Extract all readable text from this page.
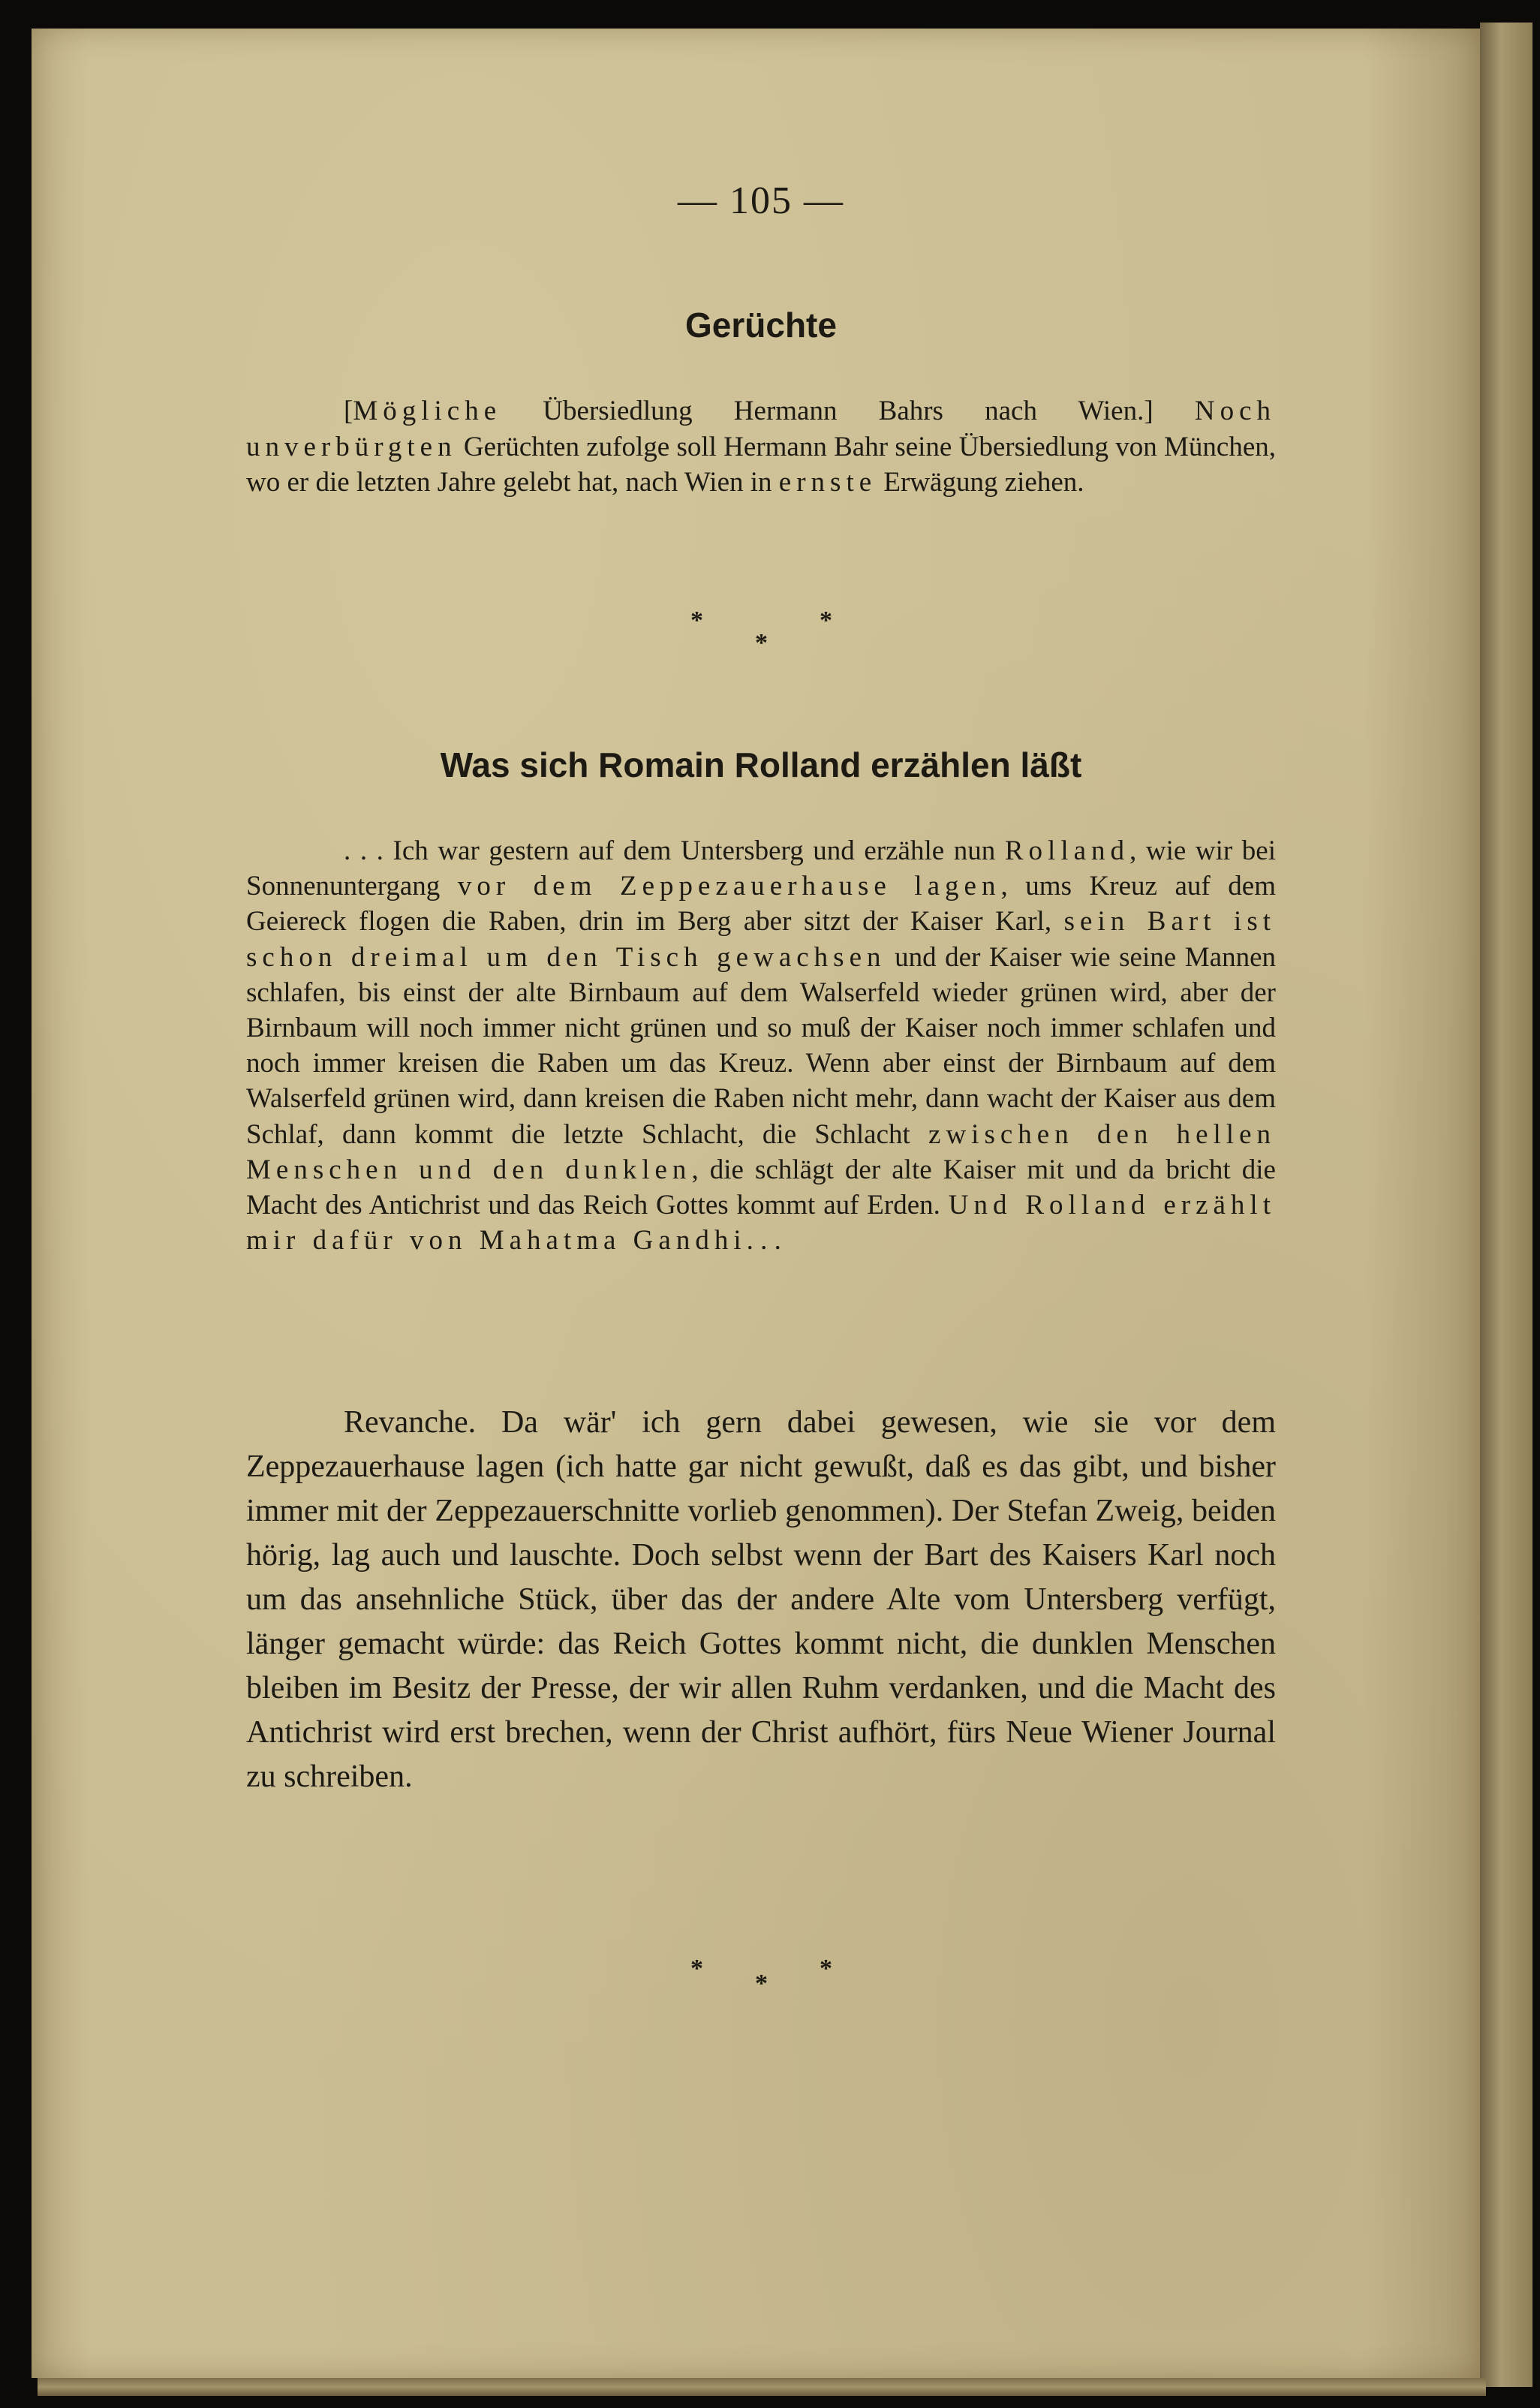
— 105 —
Gerüchte

[Mögliche Übersiedlung Hermann Bahrs nach Wien.] Noch unverbürgten Gerüchten zufolge soll Hermann Bahr seine Übersiedlung von München, wo er die letzten Jahre gelebt hat, nach Wien in ernste Erwägung ziehen.

*	*
*
Was sich Romain Rolland erzählen läßt

. . . Ich war gestern auf dem Untersberg und erzähle nun Rolland, wie wir bei Sonnenuntergang vor dem Zeppezauerhause lagen, ums Kreuz auf dem Geiereck flogen die Raben, drin im Berg aber sitzt der Kaiser Karl, sein Bart ist schon dreimal um den Tisch gewachsen und der Kaiser wie seine Mannen schlafen, bis einst der alte Birnbaum auf dem Walserfeld wieder grünen wird, aber der Birnbaum will noch immer nicht grünen und so muß der Kaiser noch immer schlafen und noch immer kreisen die Raben um das Kreuz. Wenn aber einst der Birnbaum auf dem Walserfeld grünen wird, dann kreisen die Raben nicht mehr, dann wacht der Kaiser aus dem Schlaf, dann kommt die letzte Schlacht, die Schlacht zwischen den hellen Menschen und den dunklen, die schlägt der alte Kaiser mit und da bricht die Macht des Antichrist und das Reich Gottes kommt auf Erden. Und Rolland erzählt mir dafür von Mahatma Gandhi. . .

Revanche. Da wär' ich gern dabei gewesen, wie sie vor dem Zeppezauerhause lagen (ich hatte gar nicht gewußt, daß es das gibt, und bisher immer mit der Zeppezauerschnitte vorlieb genommen). Der Stefan Zweig, beiden hörig, lag auch und lauschte. Doch selbst wenn der Bart des Kaisers Karl noch um das ansehnliche Stück, über das der andere Alte vom Untersberg verfügt, länger gemacht würde: das Reich Gottes kommt nicht, die dunklen Menschen bleiben im Besitz der Presse, der wir allen Ruhm verdanken, und die Macht des Antichrist wird erst brechen, wenn der Christ aufhört, fürs Neue Wiener Journal zu schreiben.

*
*
*
